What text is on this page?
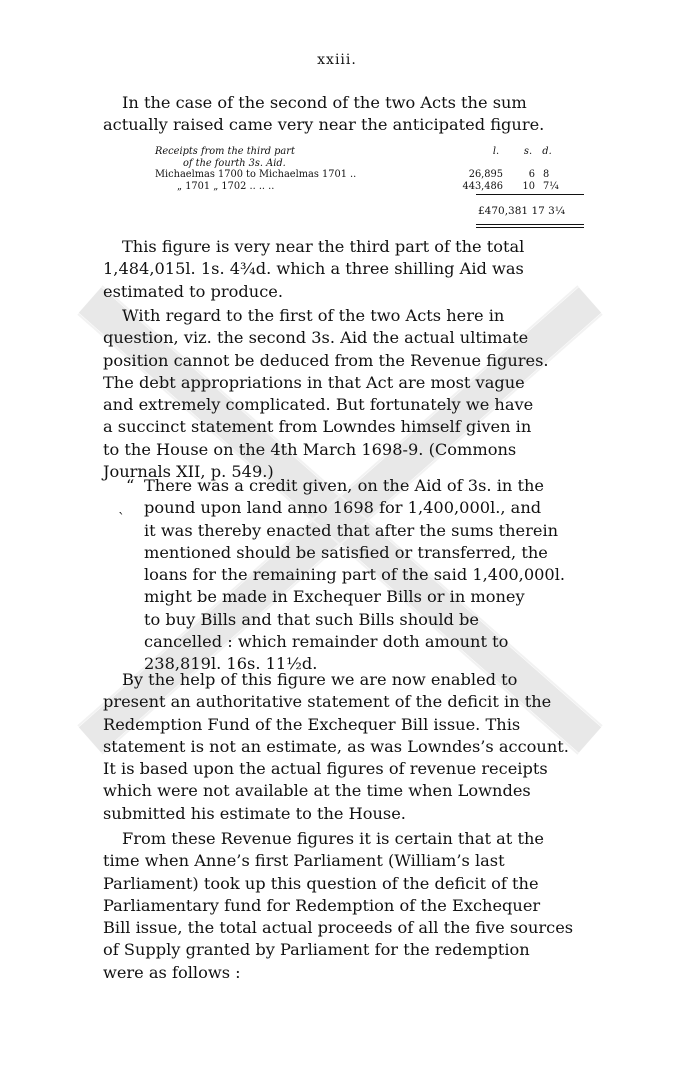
xxiii.
In the case of the second of the two Acts the sum
actually raised came very near the anticipated figure.
Receipts from the third part	l.	s. d.
of the fourth 3s. Aid.
Michaelmas 1700 to Michaelmas 1701 ..	26,895	6 8
„ 1701 „ 1702 .. .. ..	443,486	10 7¼
£470,381 17 3¼
This figure is very near the third part of the total
1,484,015l. 1s. 4¾d. which a three shilling Aid was
estimated to produce.
With regard to the first of the two Acts here in
question, viz. the second 3s. Aid the actual ultimate
position cannot be deduced from the Revenue figures.
The debt appropriations in that Act are most vague
and extremely complicated. But fortunately we have
a succinct statement from Lowndes himself given in
to the House on the 4th March 1698-9. (Commons
Journals XII, p. 549.)
“ There was a credit given, on the Aid of 3s. in the
pound upon land anno 1698 for 1,400,000l., and
it was thereby enacted that after the sums therein
mentioned should be satisfied or transferred, the
loans for the remaining part of the said 1,400,000l.
might be made in Exchequer Bills or in money
to buy Bills and that such Bills should be
cancelled : which remainder doth amount to
238,819l. 16s. 11½d.
`
By the help of this figure we are now enabled to
present an authoritative statement of the deficit in the
Redemption Fund of the Exchequer Bill issue. This
statement is not an estimate, as was Lowndes’s account.
It is based upon the actual figures of revenue receipts
which were not available at the time when Lowndes
submitted his estimate to the House.
From these Revenue figures it is certain that at the
time when Anne’s first Parliament (William’s last
Parliament) took up this question of the deficit of the
Parliamentary fund for Redemption of the Exchequer
Bill issue, the total actual proceeds of all the five sources
of Supply granted by Parliament for the redemption
were as follows :
